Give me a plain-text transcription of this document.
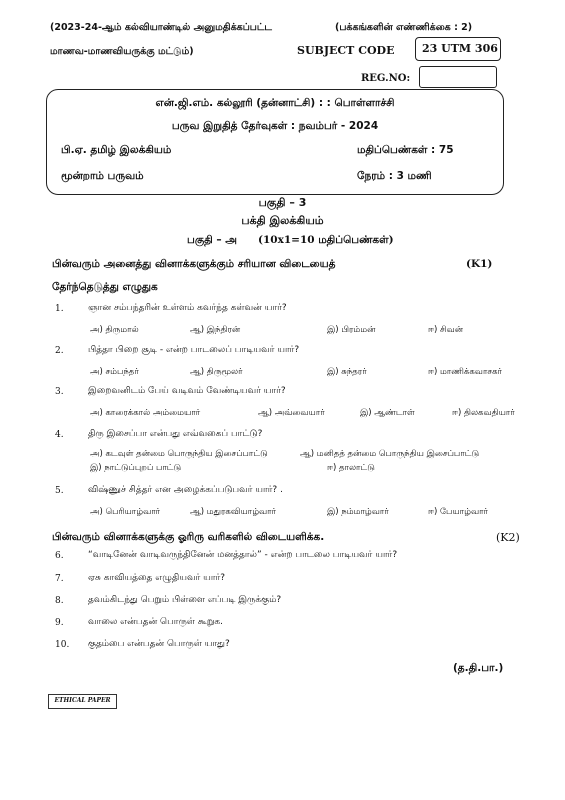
(2023-24-ஆம் கல்வியாண்டில் அனுமதிக்கப்பட்ட	(பக்கங்களின் எண்ணிக்கை : 2)
மாணவ-மாணவியருக்கு மட்டும்)	SUBJECT CODE	23 UTM 306
REG.NO:
என்.ஜி.எம். கல்லூரி (தன்னாட்சி) : : பொள்ளாச்சி
பருவ இறுதித் தேர்வுகள் : நவம்பர் - 2024
பி.ஏ. தமிழ் இலக்கியம்	மதிப்பெண்கள் : 75
மூன்றாம் பருவம்	நேரம் : 3 மணி
பகுதி – 3
பக்தி இலக்கியம்
பகுதி – அ (10x1=10 மதிப்பெண்கள்)
பின்வரும் அனைத்து வினாக்களுக்கும் சரியான விடையைத்	(K1)
தேர்ந்தெடுத்து எழுதுக
1.	ஞான சம்பந்தரின் உள்ளம் கவர்ந்த கள்வன் யார்?
அ) திருமால்	ஆ) இந்திரன்	இ) பிரம்மன்	ஈ) சிவன்
2.	பித்தா பிறை சூடி - என்ற பாடலைப் பாடியவர் யார்?
அ) சம்பந்தர்	ஆ) திருமூலர்	இ) சுந்தரர்	ஈ) மாணிக்கவாசகர்
3.	இறைவனிடம் பேய் வடிவம் வேண்டியவர் யார்?
அ) காரைக்கால் அம்மையார்	ஆ) அவ்வையார்	இ) ஆண்டாள்	ஈ) திலகவதியார்
4.	திரு இசைப்பா என்பது எவ்வகைப் பாட்டு?
அ) கடவுள் தன்மை பொருந்திய இசைப்பாட்டு	ஆ) மனிதத் தன்மை பொருந்திய இசைப்பாட்டு
இ) நாட்டுப்புறப் பாட்டு	ஈ) தாலாட்டு
5.	விஷ்ணுச் சித்தர் என அழைக்கப்படுபவர் யார்? .
அ) பெரியாழ்வார்	ஆ) மதுரகவியாழ்வார்	இ) நம்மாழ்வார்	ஈ) பேயாழ்வார்
பின்வரும் வினாக்களுக்கு ஓரிரு வரிகளில் விடையளிக்க.	(K2)
6.	“வாடினேன் வாடிவருந்தினேன் மனத்தால்” - என்ற பாடலை பாடியவர் யார்?
7.	ஏசு காவியத்தை எழுதியவர் யார்?
8.	தவம்கிடந்து பெறும் பிள்ளை எப்படி இருக்கும்?
9.	வாலை என்பதன் பொருள் கூறுக.
10. குதம்பை என்பதன் பொருள் யாது?
(த.தி.பா.)
ETHICAL PAPER
